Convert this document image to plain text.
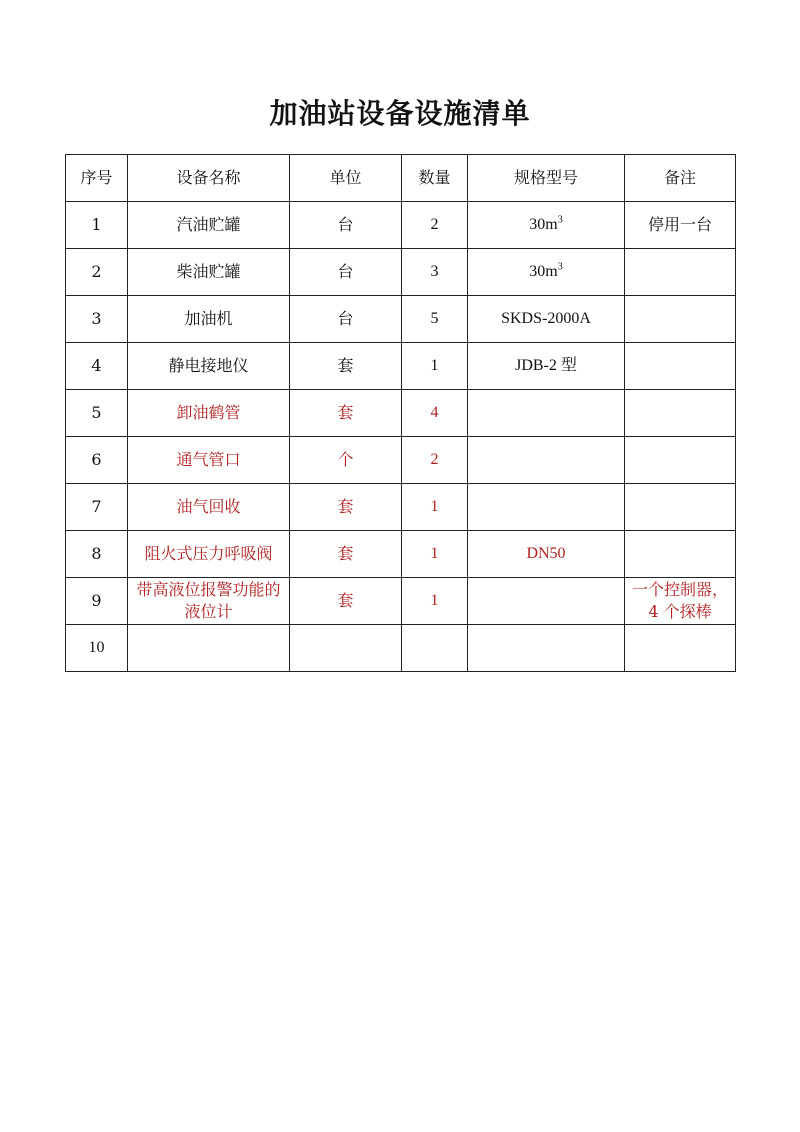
加油站设备设施清单
序号	设备名称	单位	数量	规格型号	备注
1	汽油贮罐	台	2	$30m^3$	停用一台
2	柴油贮罐	台	3	$30m^3$	
3	加油机	台	5	SKDS-2000A	
4	静电接地仪	套	1	JDB-2 型	
5	卸油鹤管	套	4		
6	通气管口	个	2		
7	油气回收	套	1		
8	阻火式压力呼吸阀	套	1	DN50	
9	带高液位报警功能的液位计	套	1		一个控制器，4 个探棒
10					
